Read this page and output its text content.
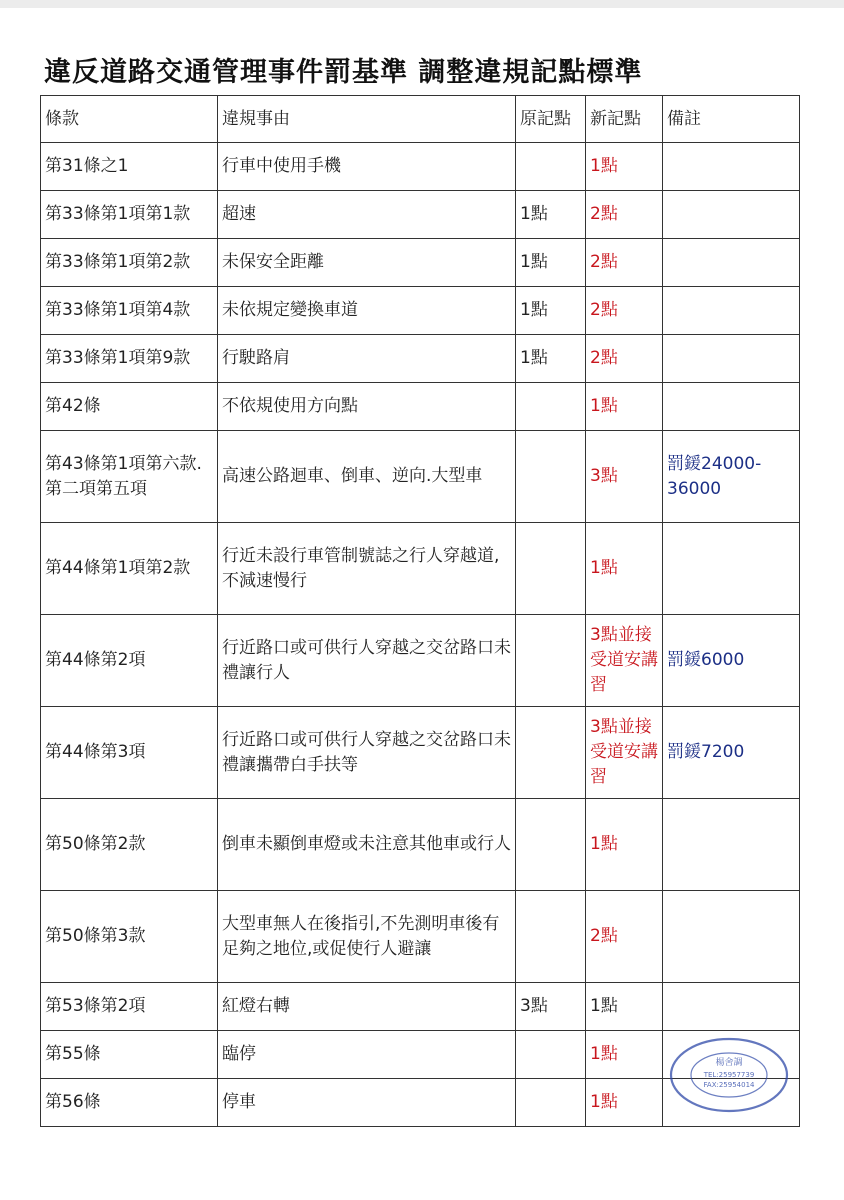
違反道路交通管理事件罰基準 調整違規記點標準
條款	違規事由	原記點	新記點	備註
第31條之1	行車中使用手機		1點	
第33條第1項第1款	超速	1點	2點	
第33條第1項第2款	未保安全距離	1點	2點	
第33條第1項第4款	未依規定變換車道	1點	2點	
第33條第1項第9款	行駛路肩	1點	2點	
第42條	不依規使用方向點		1點	
第43條第1項第六款.第二項第五項	高速公路迴車、倒車、逆向.大型車		3點	罰鍰24000-36000
第44條第1項第2款	行近未設行車管制號誌之行人穿越道,不減速慢行		1點	
第44條第2項	行近路口或可供行人穿越之交岔路口未禮讓行人		3點並接受道安講習	罰鍰6000
第44條第3項	行近路口或可供行人穿越之交岔路口未禮讓攜帶白手扶等		3點並接受道安講習	罰鍰7200
第50條第2款	倒車未顯倒車燈或未注意其他車或行人		1點	
第50條第3款	大型車無人在後指引,不先測明車後有足夠之地位,或促使行人避讓		2點	
第53條第2項	紅燈右轉	3點	1點	
第55條	臨停		1點	楊舍調
TEL:25957739
FAX:25954014

第56條	停車		1點	
